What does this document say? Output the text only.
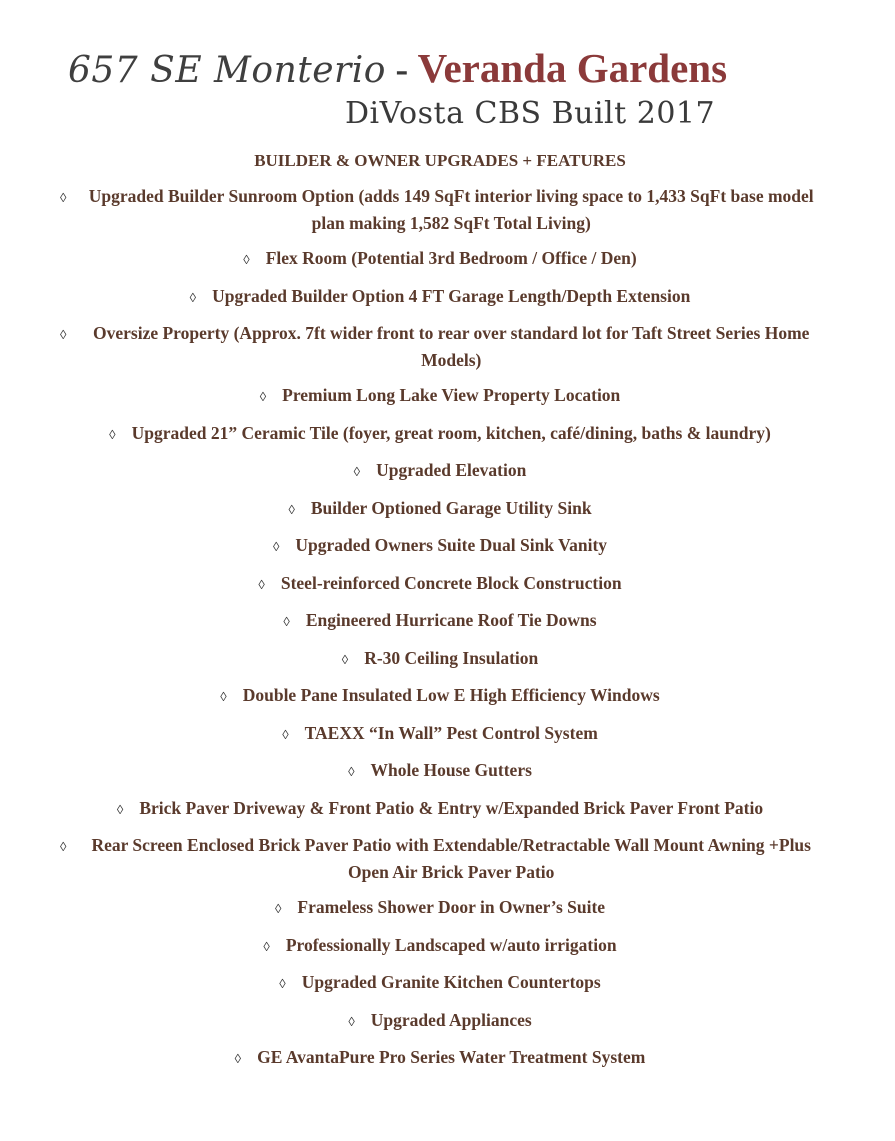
657 SE Monterio - Veranda Gardens
DiVosta CBS Built 2017
BUILDER & OWNER UPGRADES + FEATURES
◊	Upgraded Builder Sunroom Option (adds 149 SqFt interior living space to 1,433 SqFt base model plan making 1,582 SqFt Total Living)
◊ Flex Room (Potential 3rd Bedroom / Office / Den)
◊ Upgraded Builder Option 4 FT Garage Length/Depth Extension
◊	Oversize Property (Approx. 7ft wider front to rear over standard lot for Taft Street Series Home Models)
◊ Premium Long Lake View Property Location
◊ Upgraded 21” Ceramic Tile (foyer, great room, kitchen, café/dining, baths & laundry)
◊ Upgraded Elevation
◊ Builder Optioned Garage Utility Sink
◊ Upgraded Owners Suite Dual Sink Vanity
◊ Steel-reinforced Concrete Block Construction
◊ Engineered Hurricane Roof Tie Downs
◊ R-30 Ceiling Insulation
◊ Double Pane Insulated Low E High Efficiency Windows
◊ TAEXX “In Wall” Pest Control System
◊ Whole House Gutters
◊ Brick Paver Driveway & Front Patio & Entry w/Expanded Brick Paver Front Patio
◊	Rear Screen Enclosed Brick Paver Patio with Extendable/Retractable Wall Mount Awning +Plus Open Air Brick Paver Patio
◊ Frameless Shower Door in Owner’s Suite
◊ Professionally Landscaped w/auto irrigation
◊ Upgraded Granite Kitchen Countertops
◊ Upgraded Appliances
◊ GE AvantaPure Pro Series Water Treatment System
